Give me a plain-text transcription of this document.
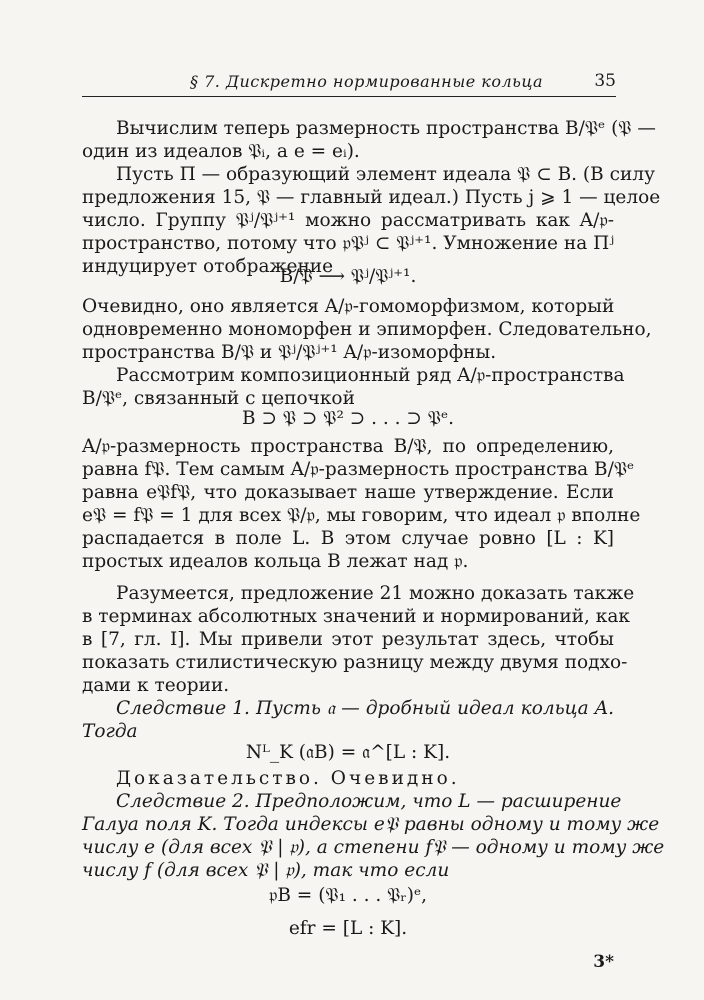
§ 7. Дискретно нормированные кольца	35
Вычислим теперь размерность пространства B/𝔓ᵉ (𝔓 —
один из идеалов 𝔓ᵢ, а e = eᵢ).
Пусть Π — образующий элемент идеала 𝔓 ⊂ B. (В силу
предложения 15, 𝔓 — главный идеал.) Пусть j ⩾ 1 — целое
число. Группу 𝔓ʲ/𝔓ʲ⁺¹ можно рассматривать как A/𝔭-
пространство, потому что 𝔭𝔓ʲ ⊂ 𝔓ʲ⁺¹. Умножение на Πʲ
индуцирует отображение
B/𝔓 ⟶ 𝔓ʲ/𝔓ʲ⁺¹.
Очевидно, оно является A/𝔭-гомоморфизмом, который
одновременно мономорфен и эпиморфен. Следовательно,
пространства B/𝔓 и 𝔓ʲ/𝔓ʲ⁺¹ A/𝔭-изоморфны.
Рассмотрим композиционный ряд A/𝔭-пространства
B/𝔓ᵉ, связанный с цепочкой
B ⊃ 𝔓 ⊃ 𝔓² ⊃ . . . ⊃ 𝔓ᵉ.
A/𝔭-размерность пространства B/𝔓, по определению,
равна f𝔓. Тем самым A/𝔭-размерность пространства B/𝔓ᵉ
равна e𝔓f𝔓, что доказывает наше утверждение. Если
e𝔓 = f𝔓 = 1 для всех 𝔓/𝔭, мы говорим, что идеал 𝔭 вполне
распадается в поле L. В этом случае ровно [L : K]
простых идеалов кольца B лежат над 𝔭.
Разумеется, предложение 21 можно доказать также
в терминах абсолютных значений и нормирований, как
в [7, гл. I]. Мы привели этот результат здесь, чтобы
показать стилистическую разницу между двумя подхо-
дами к теории.
Следствие 1. Пусть 𝔞 — дробный идеал кольца A.
Тогда
Nᴸ_K (𝔞B) = 𝔞^[L : K].
Доказательство. Очевидно.
Следствие 2. Предположим, что L — расширение
Галуа поля K. Тогда индексы e𝔓 равны одному и тому же
числу e (для всех 𝔓 | 𝔭), а степени f𝔓 — одному и тому же
числу f (для всех 𝔓 | 𝔭), так что если
𝔭B = (𝔓₁ . . . 𝔓ᵣ)ᵉ,
efr = [L : K].
3*
